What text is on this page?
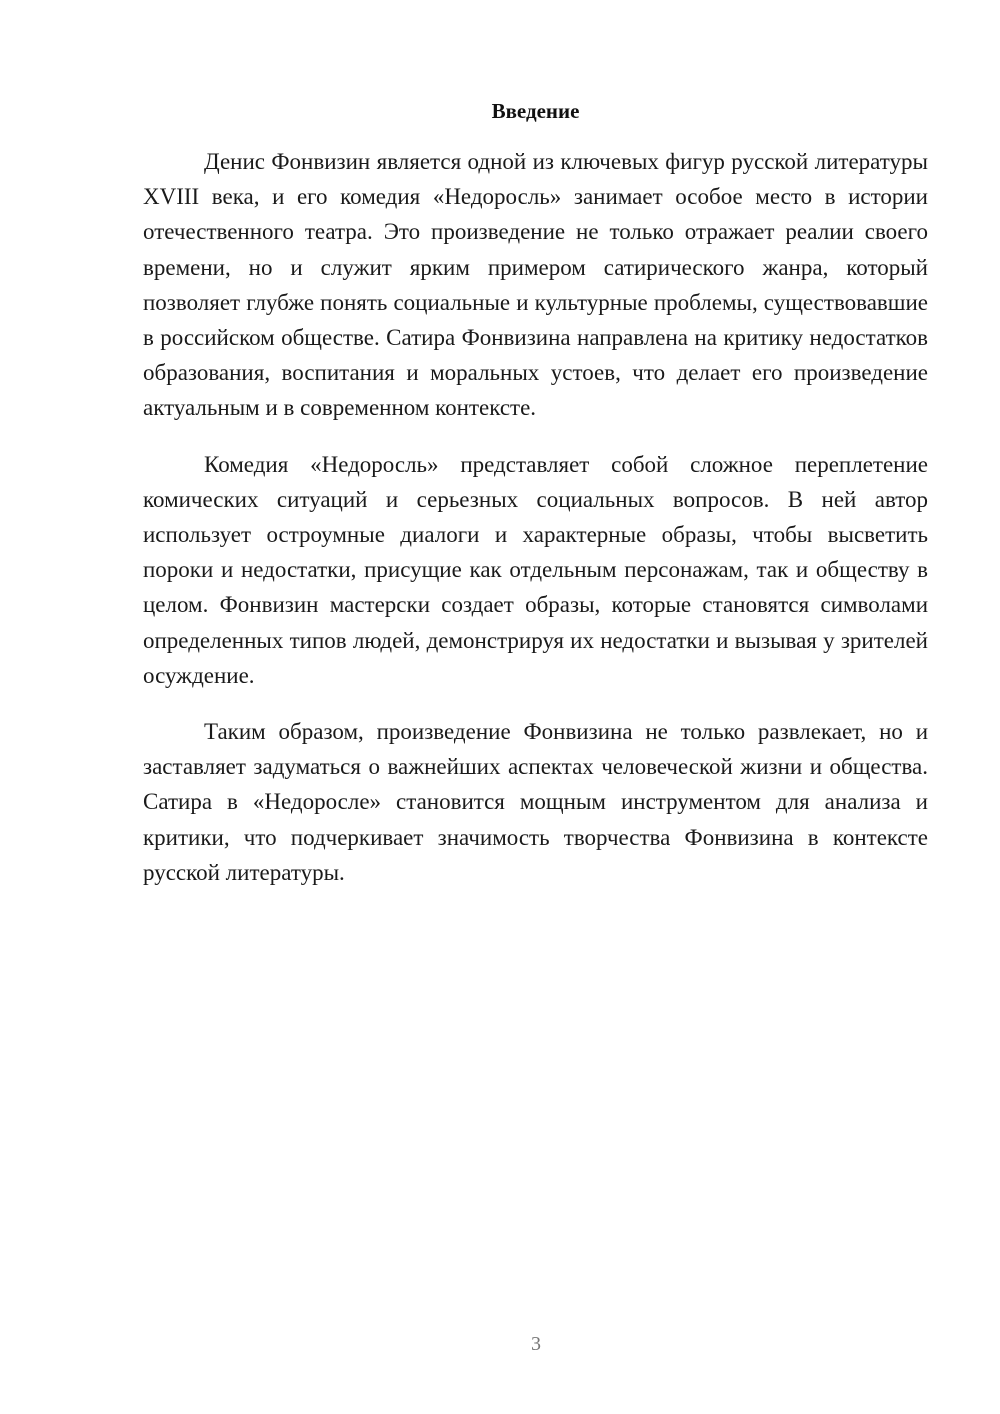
Введение

Денис Фонвизин является одной из ключевых фигур русской литературы XVIII века, и его комедия «Недоросль» занимает особое место в истории отечественного театра. Это произведение не только отражает реалии своего времени, но и служит ярким примером сатирического жанра, который позволяет глубже понять социальные и культурные проблемы, существовавшие в российском обществе. Сатира Фонвизина направлена на критику недостатков образования, воспитания и моральных устоев, что делает его произведение актуальным и в современном контексте.

Комедия «Недоросль» представляет собой сложное переплетение комических ситуаций и серьезных социальных вопросов. В ней автор использует остроумные диалоги и характерные образы, чтобы высветить пороки и недостатки, присущие как отдельным персонажам, так и обществу в целом. Фонвизин мастерски создает образы, которые становятся символами определенных типов людей, демонстрируя их недостатки и вызывая у зрителей осуждение.

Таким образом, произведение Фонвизина не только развлекает, но и заставляет задуматься о важнейших аспектах человеческой жизни и общества. Сатира в «Недоросле» становится мощным инструментом для анализа и критики, что подчеркивает значимость творчества Фонвизина в контексте русской литературы.

3
